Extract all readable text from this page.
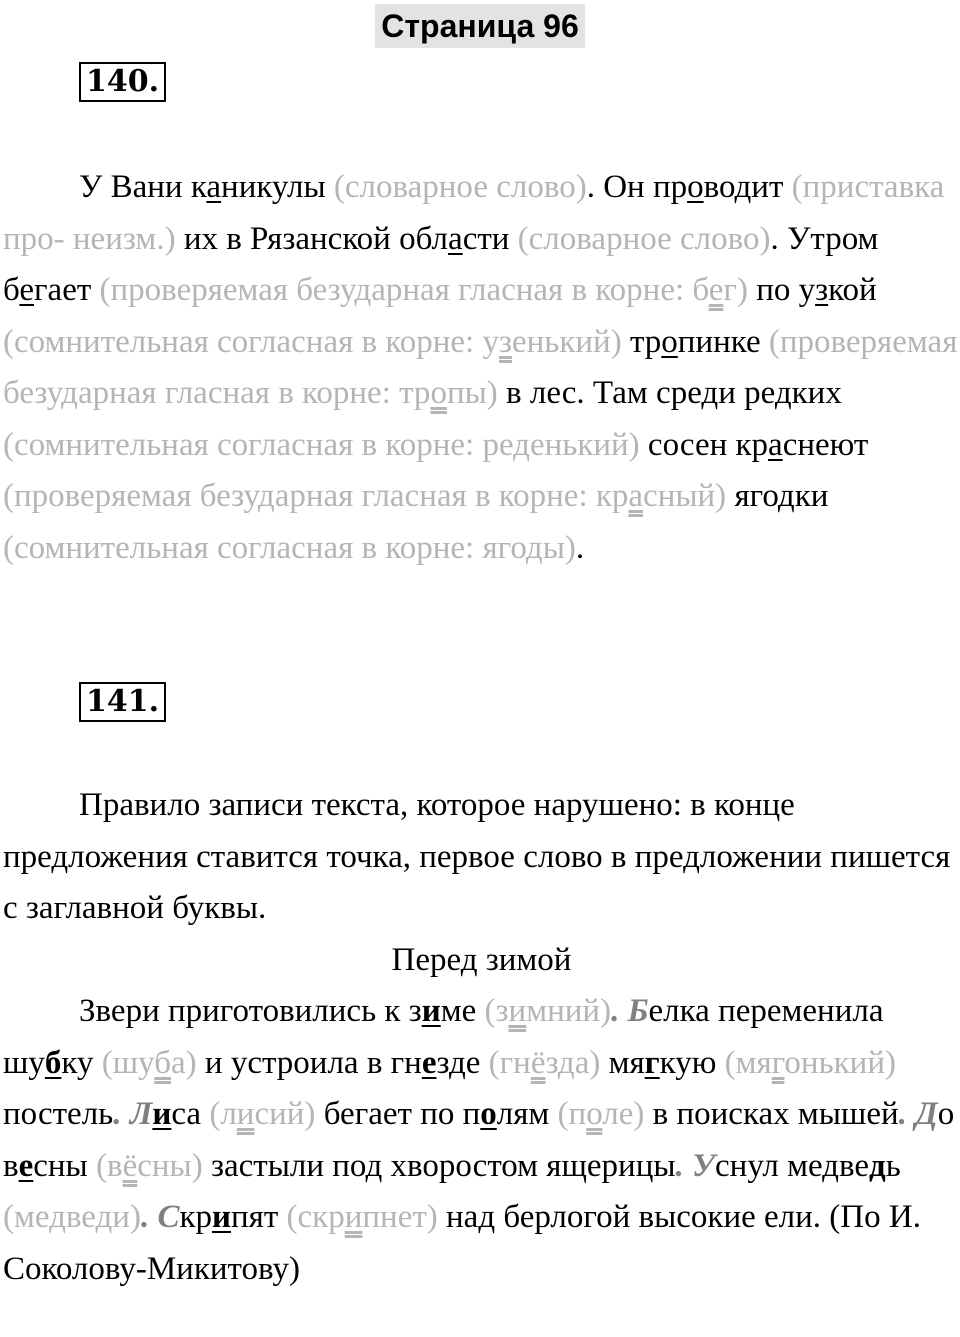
Страница 96
140.

У Вани каникулы (словарное слово). Он проводит (приставка про- неизм.) их в Рязанской области (словарное слово). Утром бегает (проверяемая безударная гласная в корне: бег) по узкой (сомнительная согласная в корне: узенький) тропинке (проверяемая безударная гласная в корне: тропы) в лес. Там среди редких (сомнительная согласная в корне: реденький) сосен краснеют (проверяемая безударная гласная в корне: красный) ягодки (сомнительная согласная в корне: ягоды).

141.

Правило записи текста, которое нарушено: в конце предложения ставится точка, первое слово в предложении пишется с заглавной буквы.

Перед зимой

Звери приготовились к зиме (зимний). Белка переменила шубку (шуба) и устроила в гнезде (гнёзда) мягкую (мягонький) постель. Лиса (лисий) бегает по полям (поле) в поисках мышей. До весны (вёсны) застыли под хворостом ящерицы. Уснул медведь (медведи). Скрипят (скрипнет) над берлогой высокие ели. (По И. Соколову-Микитову)
